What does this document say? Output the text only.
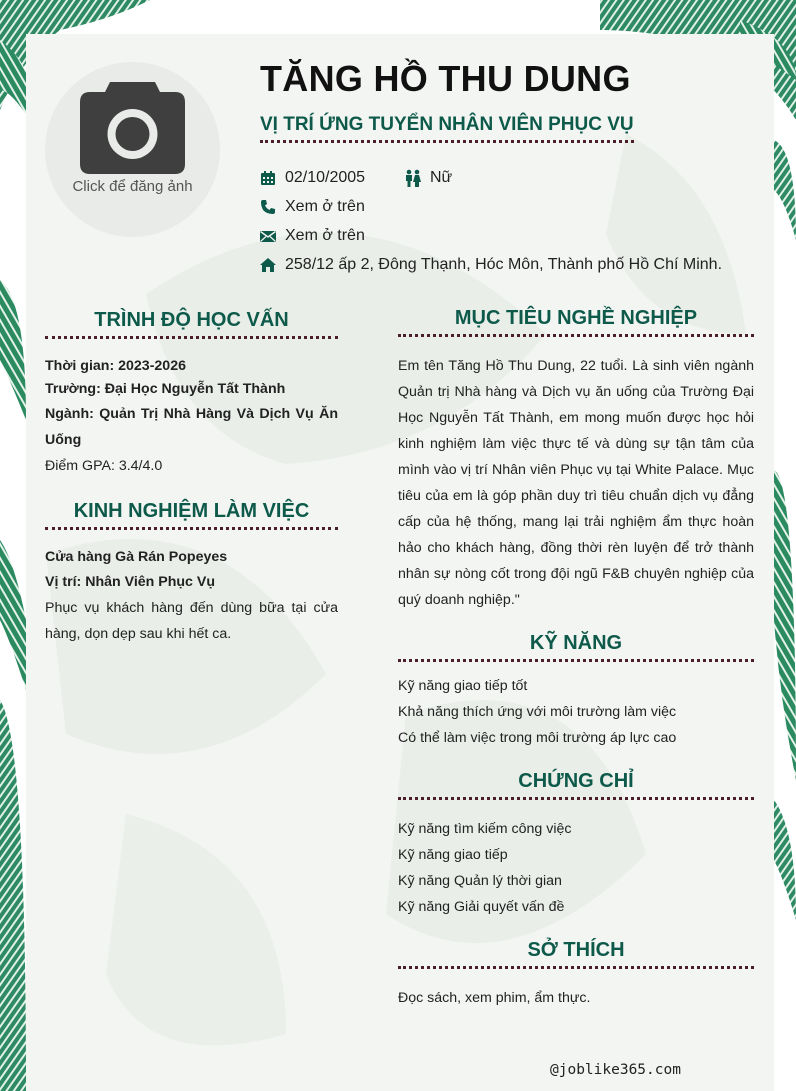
Click để đăng ảnh
TĂNG HỒ THU DUNG
VỊ TRÍ ỨNG TUYỂN NHÂN VIÊN PHỤC VỤ
02/10/2005	Nữ
Xem ở trên
Xem ở trên
258/12 ấp 2, Đông Thạnh, Hóc Môn, Thành phố Hồ Chí Minh.
TRÌNH ĐỘ HỌC VẤN
Thời gian: 2023-2026
Trường: Đại Học Nguyễn Tất Thành
Ngành: Quản Trị Nhà Hàng Và Dịch Vụ Ăn Uống
Điểm GPA: 3.4/4.0
KINH NGHIỆM LÀM VIỆC
Cửa hàng Gà Rán Popeyes
Vị trí: Nhân Viên Phục Vụ
Phục vụ khách hàng đến dùng bữa tại cửa hàng, dọn dẹp sau khi hết ca.
MỤC TIÊU NGHỀ NGHIỆP
Em tên Tăng Hồ Thu Dung, 22 tuổi. Là sinh viên ngành Quản trị Nhà hàng và Dịch vụ ăn uống của Trường Đại Học Nguyễn Tất Thành, em mong muốn được học hỏi kinh nghiệm làm việc thực tế và dùng sự tận tâm của mình vào vị trí Nhân viên Phục vụ tại White Palace. Mục tiêu của em là góp phần duy trì tiêu chuẩn dịch vụ đẳng cấp của hệ thống, mang lại trải nghiệm ẩm thực hoàn hảo cho khách hàng, đồng thời rèn luyện để trở thành nhân sự nòng cốt trong đội ngũ F&B chuyên nghiệp của quý doanh nghiệp."
KỸ NĂNG
Kỹ năng giao tiếp tốt
Khả năng thích ứng với môi trường làm việc
Có thể làm việc trong môi trường áp lực cao
CHỨNG CHỈ
Kỹ năng tìm kiếm công việc
Kỹ năng giao tiếp
Kỹ năng Quản lý thời gian
Kỹ năng Giải quyết vấn đề
SỞ THÍCH
Đọc sách, xem phim, ẩm thực.
@joblike365.com
